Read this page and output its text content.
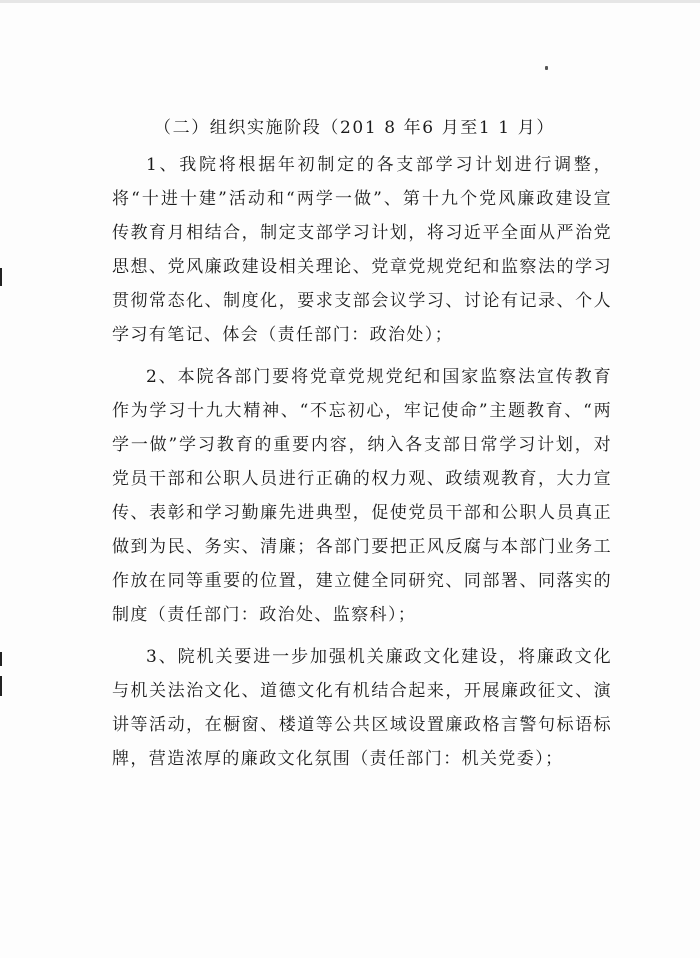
（二）组织实施阶段（201 8 年6 月至1 1 月）

1、我院将根据年初制定的各支部学习计划进行调整，将“十进十建”活动和“两学一做”、第十九个党风廉政建设宣传教育月相结合，制定支部学习计划，将习近平全面从严治党思想、党风廉政建设相关理论、党章党规党纪和监察法的学习贯彻常态化、制度化，要求支部会议学习、讨论有记录、个人学习有笔记、体会（责任部门：政治处）；

2、本院各部门要将党章党规党纪和国家监察法宣传教育作为学习十九大精神、“不忘初心，牢记使命”主题教育、“两学一做”学习教育的重要内容，纳入各支部日常学习计划，对党员干部和公职人员进行正确的权力观、政绩观教育，大力宣传、表彰和学习勤廉先进典型，促使党员干部和公职人员真正做到为民、务实、清廉；各部门要把正风反腐与本部门业务工作放在同等重要的位置，建立健全同研究、同部署、同落实的制度（责任部门：政治处、监察科）；

3、院机关要进一步加强机关廉政文化建设，将廉政文化与机关法治文化、道德文化有机结合起来，开展廉政征文、演讲等活动，在橱窗、楼道等公共区域设置廉政格言警句标语标牌，营造浓厚的廉政文化氛围（责任部门：机关党委）；
